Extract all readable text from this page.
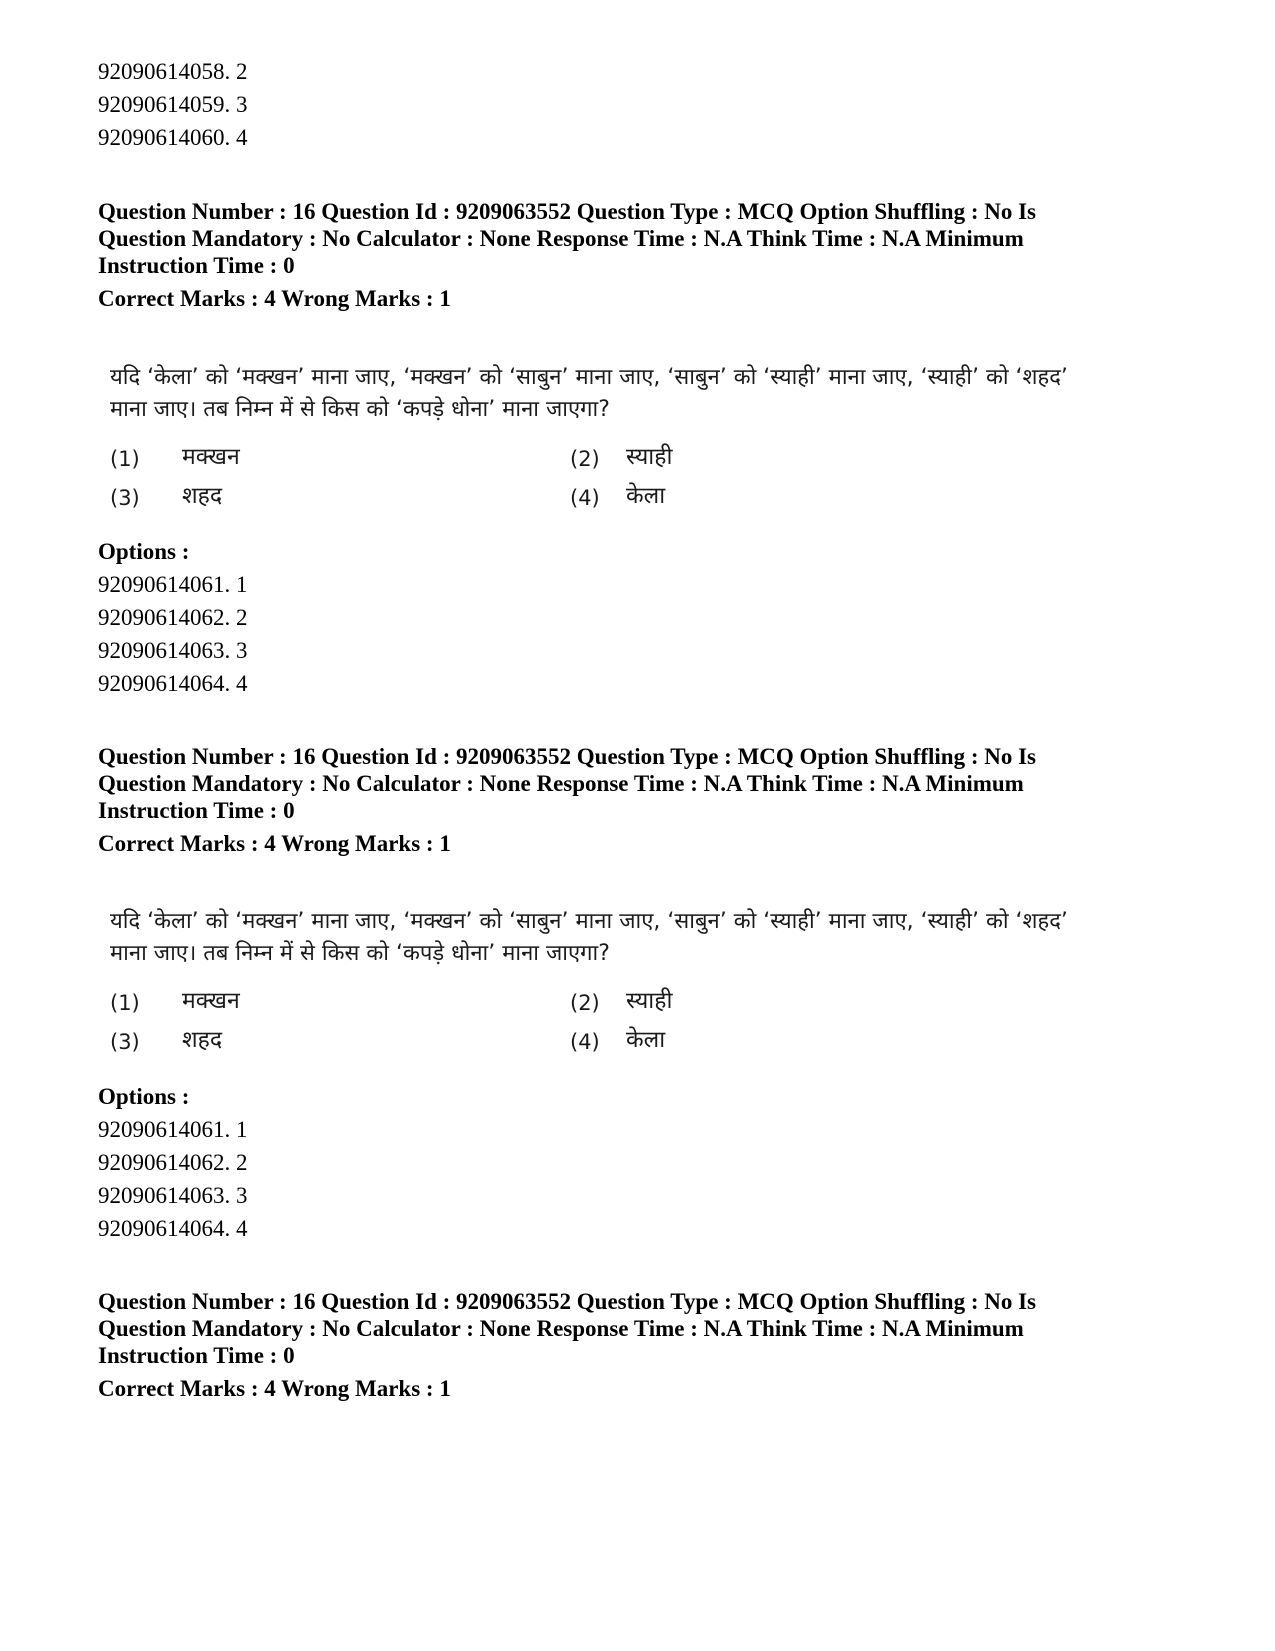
92090614058. 2
92090614059. 3
92090614060. 4
Question Number : 16 Question Id : 9209063552 Question Type : MCQ Option Shuffling : No Is
Question Mandatory : No Calculator : None Response Time : N.A Think Time : N.A Minimum
Instruction Time : 0
Correct Marks : 4 Wrong Marks : 1
यदि ‘केला’ को ‘मक्खन’ माना जाए, ‘मक्खन’ को ‘साबुन’ माना जाए, ‘साबुन’ को ‘स्याही’ माना जाए, ‘स्याही’ को ‘शहद’
माना जाए। तब निम्न में से किस को ‘कपड़े धोना’ माना जाएगा?
(1) मक्खन	(2) स्याही
(3) शहद	(4) केला
Options :
92090614061. 1
92090614062. 2
92090614063. 3
92090614064. 4
Question Number : 16 Question Id : 9209063552 Question Type : MCQ Option Shuffling : No Is
Question Mandatory : No Calculator : None Response Time : N.A Think Time : N.A Minimum
Instruction Time : 0
Correct Marks : 4 Wrong Marks : 1
यदि ‘केला’ को ‘मक्खन’ माना जाए, ‘मक्खन’ को ‘साबुन’ माना जाए, ‘साबुन’ को ‘स्याही’ माना जाए, ‘स्याही’ को ‘शहद’
माना जाए। तब निम्न में से किस को ‘कपड़े धोना’ माना जाएगा?
(1) मक्खन	(2) स्याही
(3) शहद	(4) केला
Options :
92090614061. 1
92090614062. 2
92090614063. 3
92090614064. 4
Question Number : 16 Question Id : 9209063552 Question Type : MCQ Option Shuffling : No Is
Question Mandatory : No Calculator : None Response Time : N.A Think Time : N.A Minimum
Instruction Time : 0
Correct Marks : 4 Wrong Marks : 1
